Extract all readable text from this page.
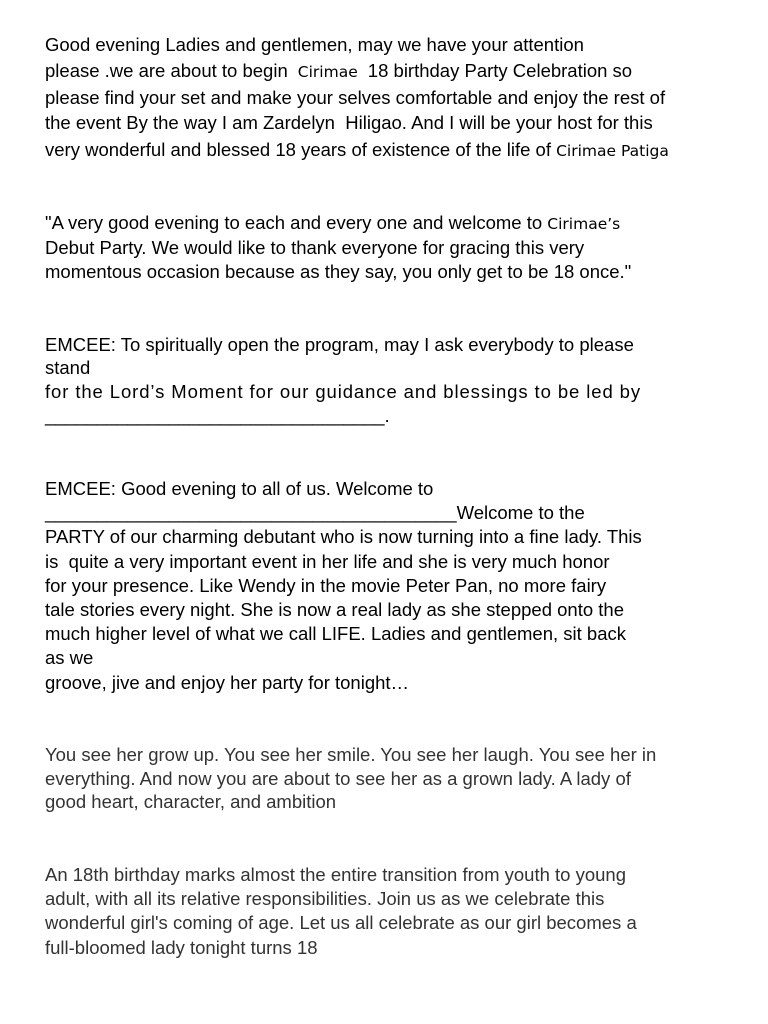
Good evening Ladies and gentlemen, may we have your attention

please .we are about to begin  Cirimae  18 birthday Party Celebration so

please find your set and make your selves comfortable and enjoy the rest of

the event By the way I am Zardelyn  Hiligao. And I will be your host for this

very wonderful and blessed 18 years of existence of the life of Cirimae Patiga

"A very good evening to each and every one and welcome to Cirimae’s

Debut Party. We would like to thank everyone for gracing this very

momentous occasion because as they say, you only get to be 18 once."

EMCEE: To spiritually open the program, may I ask everybody to please

stand

for the Lord’s Moment for our guidance and blessings to be led by

_________________________________.

EMCEE: Good evening to all of us. Welcome to

________________________________________Welcome to the

PARTY of our charming debutant who is now turning into a fine lady. This

is  quite a very important event in her life and she is very much honor

for your presence. Like Wendy in the movie Peter Pan, no more fairy

tale stories every night. She is now a real lady as she stepped onto the

much higher level of what we call LIFE. Ladies and gentlemen, sit back

as we

groove, jive and enjoy her party for tonight…

You see her grow up. You see her smile. You see her laugh. You see her in

everything. And now you are about to see her as a grown lady. A lady of

good heart, character, and ambition

An 18th birthday marks almost the entire transition from youth to young

adult, with all its relative responsibilities. Join us as we celebrate this

wonderful girl's coming of age. Let us all celebrate as our girl becomes a

full-bloomed lady tonight turns 18
